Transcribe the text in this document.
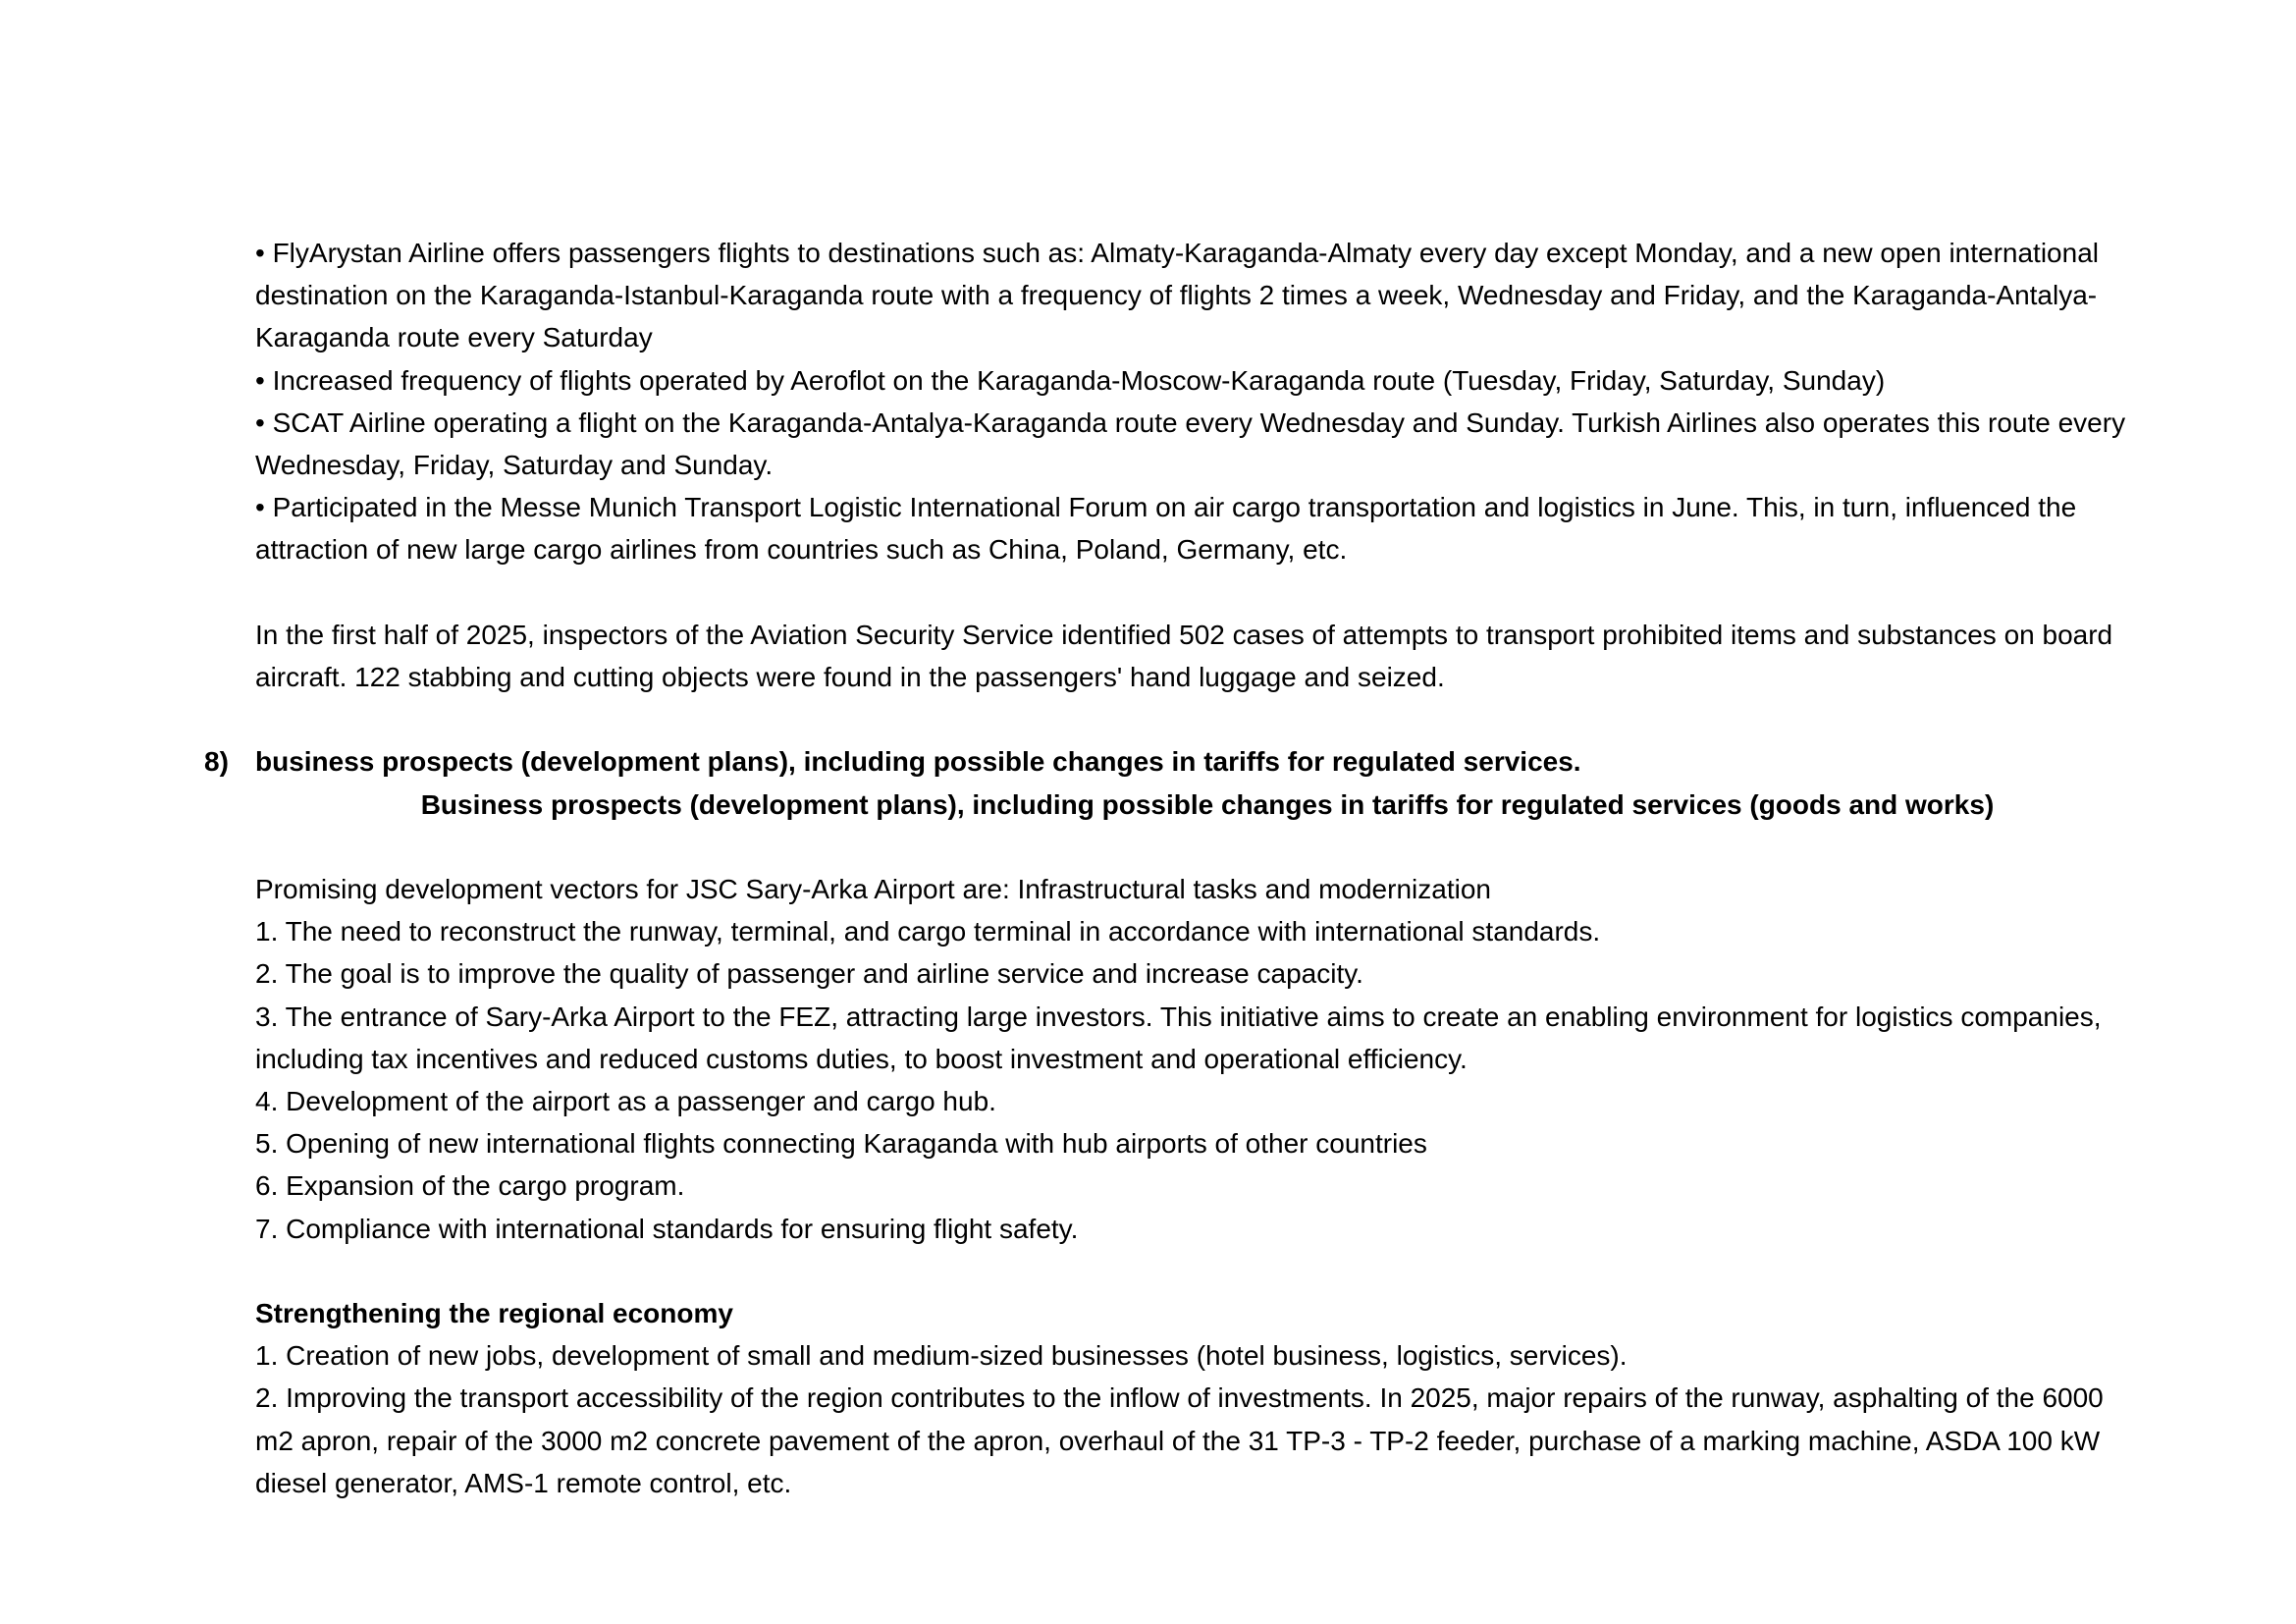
• FlyArystan Airline offers passengers flights to destinations such as: Almaty-Karaganda-Almaty every day except Monday, and a new open international
destination on the Karaganda-Istanbul-Karaganda route with a frequency of flights 2 times a week, Wednesday and Friday, and the Karaganda-Antalya-
Karaganda route every Saturday
• Increased frequency of flights operated by Aeroflot on the Karaganda-Moscow-Karaganda route (Tuesday, Friday, Saturday, Sunday)
• SCAT Airline operating a flight on the Karaganda-Antalya-Karaganda route every Wednesday and Sunday. Turkish Airlines also operates this route every
Wednesday, Friday, Saturday and Sunday.
• Participated in the Messe Munich Transport Logistic International Forum on air cargo transportation and logistics in June. This, in turn, influenced the
attraction of new large cargo airlines from countries such as China, Poland, Germany, etc.
In the first half of 2025, inspectors of the Aviation Security Service identified 502 cases of attempts to transport prohibited items and substances on board
aircraft. 122 stabbing and cutting objects were found in the passengers' hand luggage and seized.
8) business prospects (development plans), including possible changes in tariffs for regulated services.
Business prospects (development plans), including possible changes in tariffs for regulated services (goods and works)
Promising development vectors for JSC Sary-Arka Airport are: Infrastructural tasks and modernization
1. The need to reconstruct the runway, terminal, and cargo terminal in accordance with international standards.
2. The goal is to improve the quality of passenger and airline service and increase capacity.
3. The entrance of Sary-Arka Airport to the FEZ, attracting large investors. This initiative aims to create an enabling environment for logistics companies,
including tax incentives and reduced customs duties, to boost investment and operational efficiency.
4. Development of the airport as a passenger and cargo hub.
5. Opening of new international flights connecting Karaganda with hub airports of other countries
6. Expansion of the cargo program.
7. Compliance with international standards for ensuring flight safety.
Strengthening the regional economy
1. Creation of new jobs, development of small and medium-sized businesses (hotel business, logistics, services).
2. Improving the transport accessibility of the region contributes to the inflow of investments. In 2025, major repairs of the runway, asphalting of the 6000
m2 apron, repair of the 3000 m2 concrete pavement of the apron, overhaul of the 31 TP-3 - TP-2 feeder, purchase of a marking machine, ASDA 100 kW
diesel generator, AMS-1 remote control, etc.
